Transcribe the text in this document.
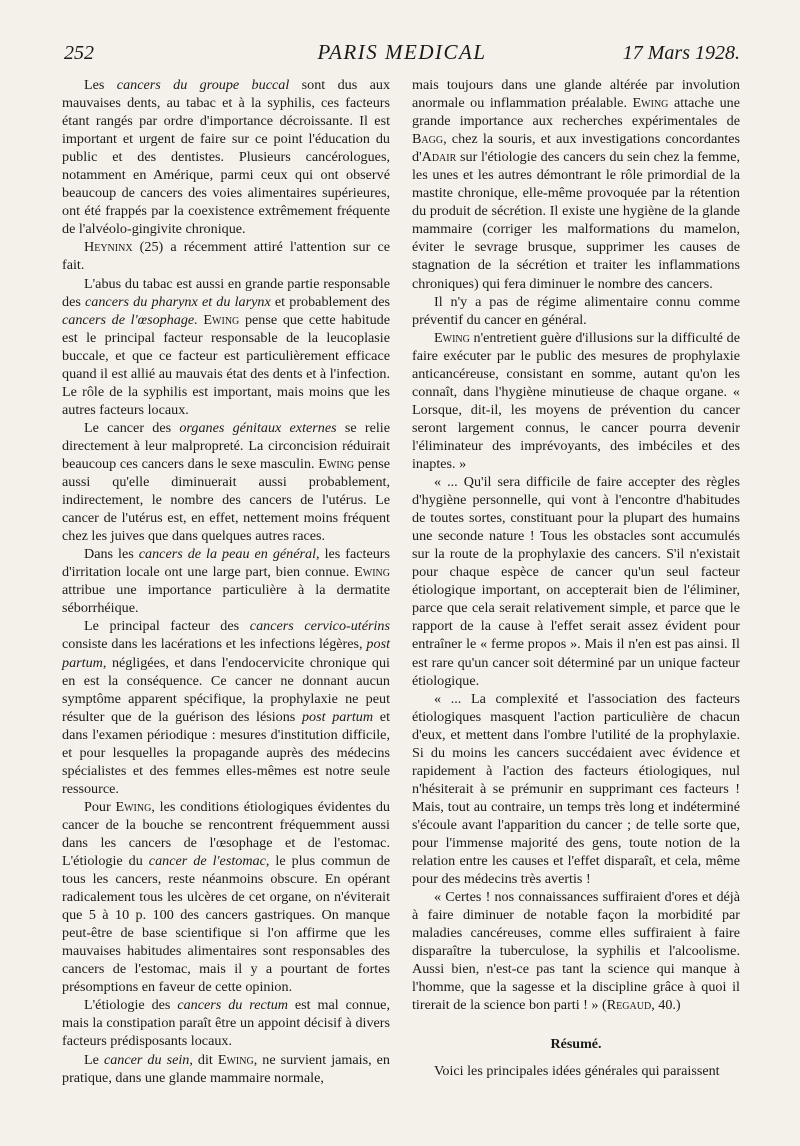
252	PARIS MEDICAL	17 Mars 1928.

Les cancers du groupe buccal sont dus aux mauvaises dents, au tabac et à la syphilis, ces facteurs étant rangés par ordre d'importance décroissante. Il est important et urgent de faire sur ce point l'éducation du public et des dentistes. Plusieurs cancérologues, notamment en Amérique, parmi ceux qui ont observé beaucoup de cancers des voies alimentaires supérieures, ont été frappés par la coexistence extrêmement fréquente de l'alvéolo-gingivite chronique.

Heyninx (25) a récemment attiré l'attention sur ce fait.

L'abus du tabac est aussi en grande partie responsable des cancers du pharynx et du larynx et probablement des cancers de l'œsophage. Ewing pense que cette habitude est le principal facteur responsable de la leucoplasie buccale, et que ce facteur est particulièrement efficace quand il est allié au mauvais état des dents et à l'infection. Le rôle de la syphilis est important, mais moins que les autres facteurs locaux.

Le cancer des organes génitaux externes se relie directement à leur malpropreté. La circoncision réduirait beaucoup ces cancers dans le sexe masculin. Ewing pense aussi qu'elle diminuerait aussi probablement, indirectement, le nombre des cancers de l'utérus. Le cancer de l'utérus est, en effet, nettement moins fréquent chez les juives que dans quelques autres races.

Dans les cancers de la peau en général, les facteurs d'irritation locale ont une large part, bien connue. Ewing attribue une importance particulière à la dermatite séborrhéique.

Le principal facteur des cancers cervico-utérins consiste dans les lacérations et les infections légères, post partum, négligées, et dans l'endocervicite chronique qui en est la conséquence. Ce cancer ne donnant aucun symptôme apparent spécifique, la prophylaxie ne peut résulter que de la guérison des lésions post partum et dans l'examen périodique : mesures d'institution difficile, et pour lesquelles la propagande auprès des médecins spécialistes et des femmes elles-mêmes est notre seule ressource.

Pour Ewing, les conditions étiologiques évidentes du cancer de la bouche se rencontrent fréquemment aussi dans les cancers de l'œsophage et de l'estomac. L'étiologie du cancer de l'estomac, le plus commun de tous les cancers, reste néanmoins obscure. En opérant radicalement tous les ulcères de cet organe, on n'éviterait que 5 à 10 p. 100 des cancers gastriques. On manque peut-être de base scientifique si l'on affirme que les mauvaises habitudes alimentaires sont responsables des cancers de l'estomac, mais il y a pourtant de fortes présomptions en faveur de cette opinion.

L'étiologie des cancers du rectum est mal connue, mais la constipation paraît être un appoint décisif à divers facteurs prédisposants locaux.

Le cancer du sein, dit Ewing, ne survient jamais, en pratique, dans une glande mammaire normale,

mais toujours dans une glande altérée par involution anormale ou inflammation préalable. Ewing attache une grande importance aux recherches expérimentales de Bagg, chez la souris, et aux investigations concordantes d'Adair sur l'étiologie des cancers du sein chez la femme, les unes et les autres démontrant le rôle primordial de la mastite chronique, elle-même provoquée par la rétention du produit de sécrétion. Il existe une hygiène de la glande mammaire (corriger les malformations du mamelon, éviter le sevrage brusque, supprimer les causes de stagnation de la sécrétion et traiter les inflammations chroniques) qui fera diminuer le nombre des cancers.

Il n'y a pas de régime alimentaire connu comme préventif du cancer en général.

Ewing n'entretient guère d'illusions sur la difficulté de faire exécuter par le public des mesures de prophylaxie anticancéreuse, consistant en somme, autant qu'on les connaît, dans l'hygiène minutieuse de chaque organe. « Lorsque, dit-il, les moyens de prévention du cancer seront largement connus, le cancer pourra devenir l'éliminateur des imprévoyants, des imbéciles et des inaptes. »

« ... Qu'il sera difficile de faire accepter des règles d'hygiène personnelle, qui vont à l'encontre d'habitudes de toutes sortes, constituant pour la plupart des humains une seconde nature ! Tous les obstacles sont accumulés sur la route de la prophylaxie des cancers. S'il n'existait pour chaque espèce de cancer qu'un seul facteur étiologique important, on accepterait bien de l'éliminer, parce que cela serait relativement simple, et parce que le rapport de la cause à l'effet serait assez évident pour entraîner le « ferme propos ». Mais il n'en est pas ainsi. Il est rare qu'un cancer soit déterminé par un unique facteur étiologique.

« ... La complexité et l'association des facteurs étiologiques masquent l'action particulière de chacun d'eux, et mettent dans l'ombre l'utilité de la prophylaxie. Si du moins les cancers succédaient avec évidence et rapidement à l'action des facteurs étiologiques, nul n'hésiterait à se prémunir en supprimant ces facteurs ! Mais, tout au contraire, un temps très long et indéterminé s'écoule avant l'apparition du cancer ; de telle sorte que, pour l'immense majorité des gens, toute notion de la relation entre les causes et l'effet disparaît, et cela, même pour des médecins très avertis !

« Certes ! nos connaissances suffiraient d'ores et déjà à faire diminuer de notable façon la morbidité par maladies cancéreuses, comme elles suffiraient à faire disparaître la tuberculose, la syphilis et l'alcoolisme. Aussi bien, n'est-ce pas tant la science qui manque à l'homme, que la sagesse et la discipline grâce à quoi il tirerait de la science bon parti ! » (Regaud, 40.)

Résumé.

Voici les principales idées générales qui paraissent
